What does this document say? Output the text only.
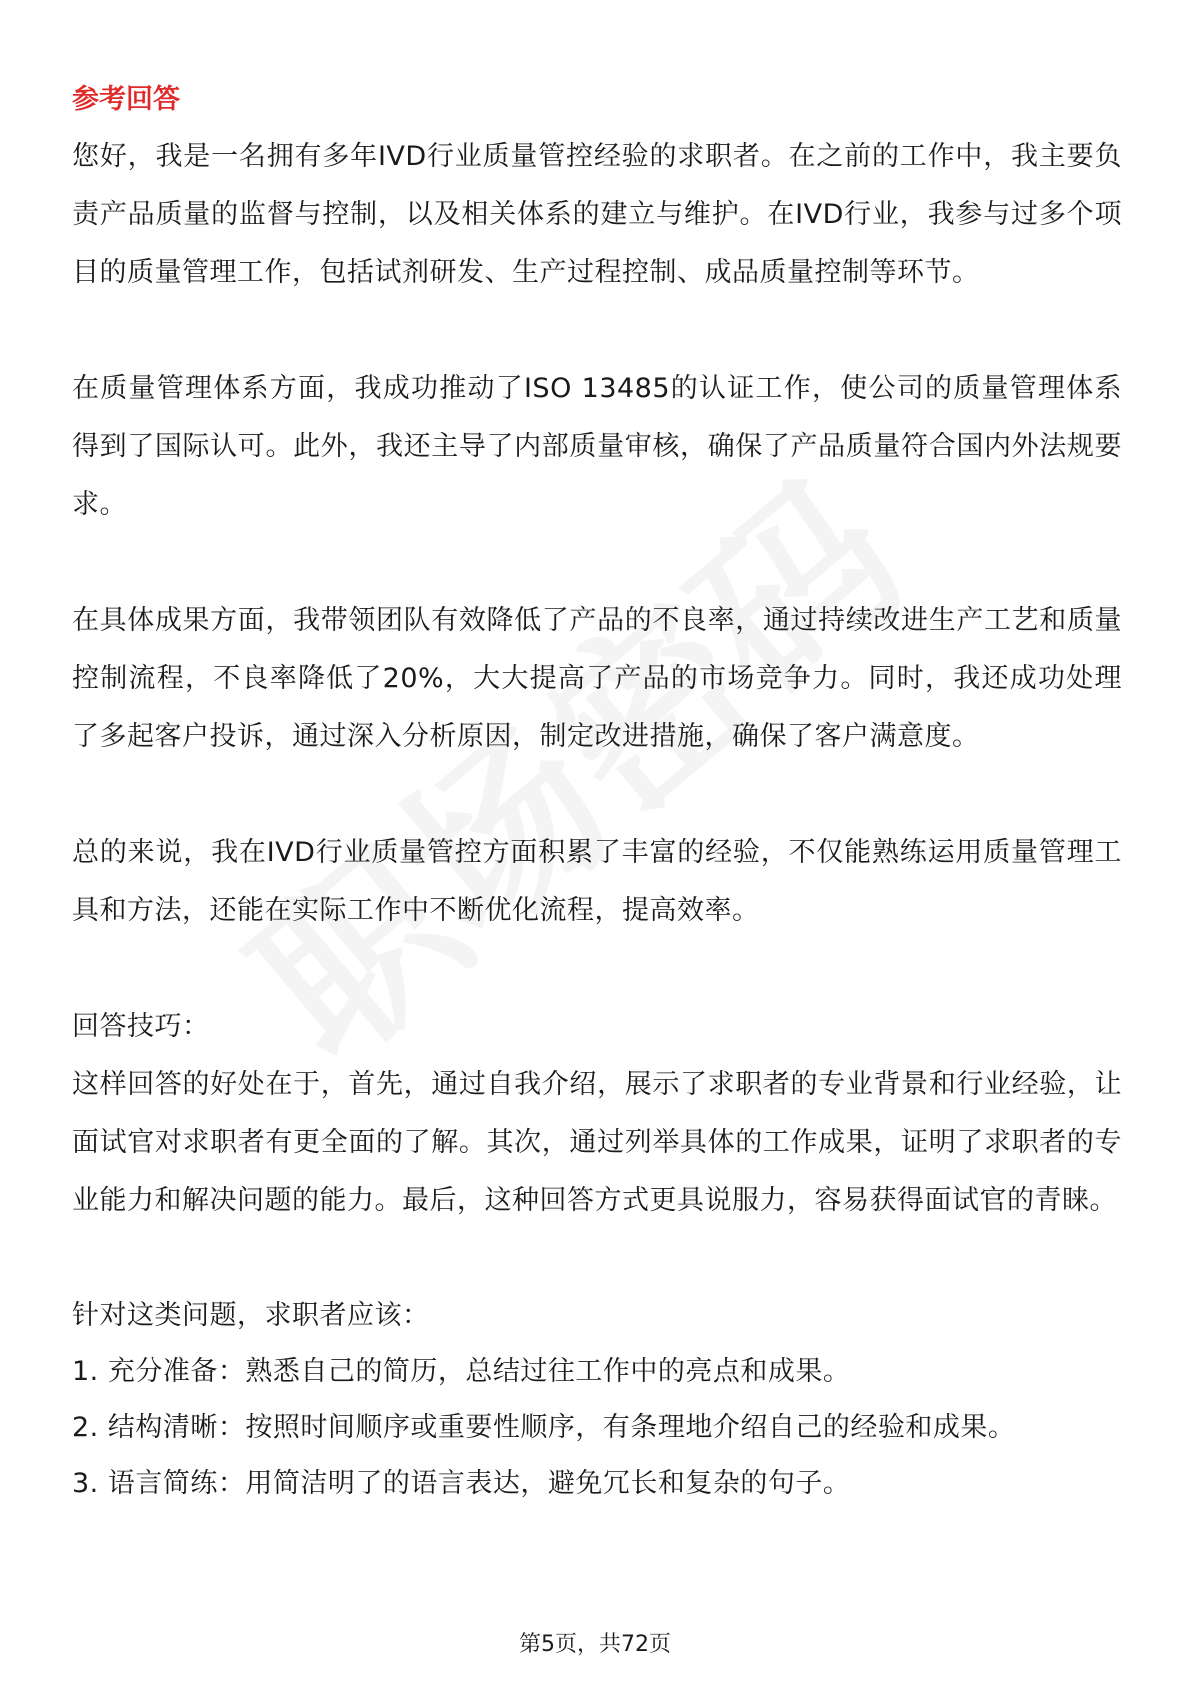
参考回答

您好，我是一名拥有多年IVD行业质量管控经验的求职者。在之前的工作中，我主要负责产品质量的监督与控制，以及相关体系的建立与维护。在IVD行业，我参与过多个项目的质量管理工作，包括试剂研发、生产过程控制、成品质量控制等环节。

在质量管理体系方面，我成功推动了ISO 13485的认证工作，使公司的质量管理体系得到了国际认可。此外，我还主导了内部质量审核，确保了产品质量符合国内外法规要求。

在具体成果方面，我带领团队有效降低了产品的不良率，通过持续改进生产工艺和质量控制流程，不良率降低了20%，大大提高了产品的市场竞争力。同时，我还成功处理了多起客户投诉，通过深入分析原因，制定改进措施，确保了客户满意度。

总的来说，我在IVD行业质量管控方面积累了丰富的经验，不仅能熟练运用质量管理工具和方法，还能在实际工作中不断优化流程，提高效率。

回答技巧：

这样回答的好处在于，首先，通过自我介绍，展示了求职者的专业背景和行业经验，让面试官对求职者有更全面的了解。其次，通过列举具体的工作成果，证明了求职者的专业能力和解决问题的能力。最后，这种回答方式更具说服力，容易获得面试官的青睐。

针对这类问题，求职者应该：

1. 充分准备：熟悉自己的简历，总结过往工作中的亮点和成果。

2. 结构清晰：按照时间顺序或重要性顺序，有条理地介绍自己的经验和成果。

3. 语言简练：用简洁明了的语言表达，避免冗长和复杂的句子。

第5页，共72页
